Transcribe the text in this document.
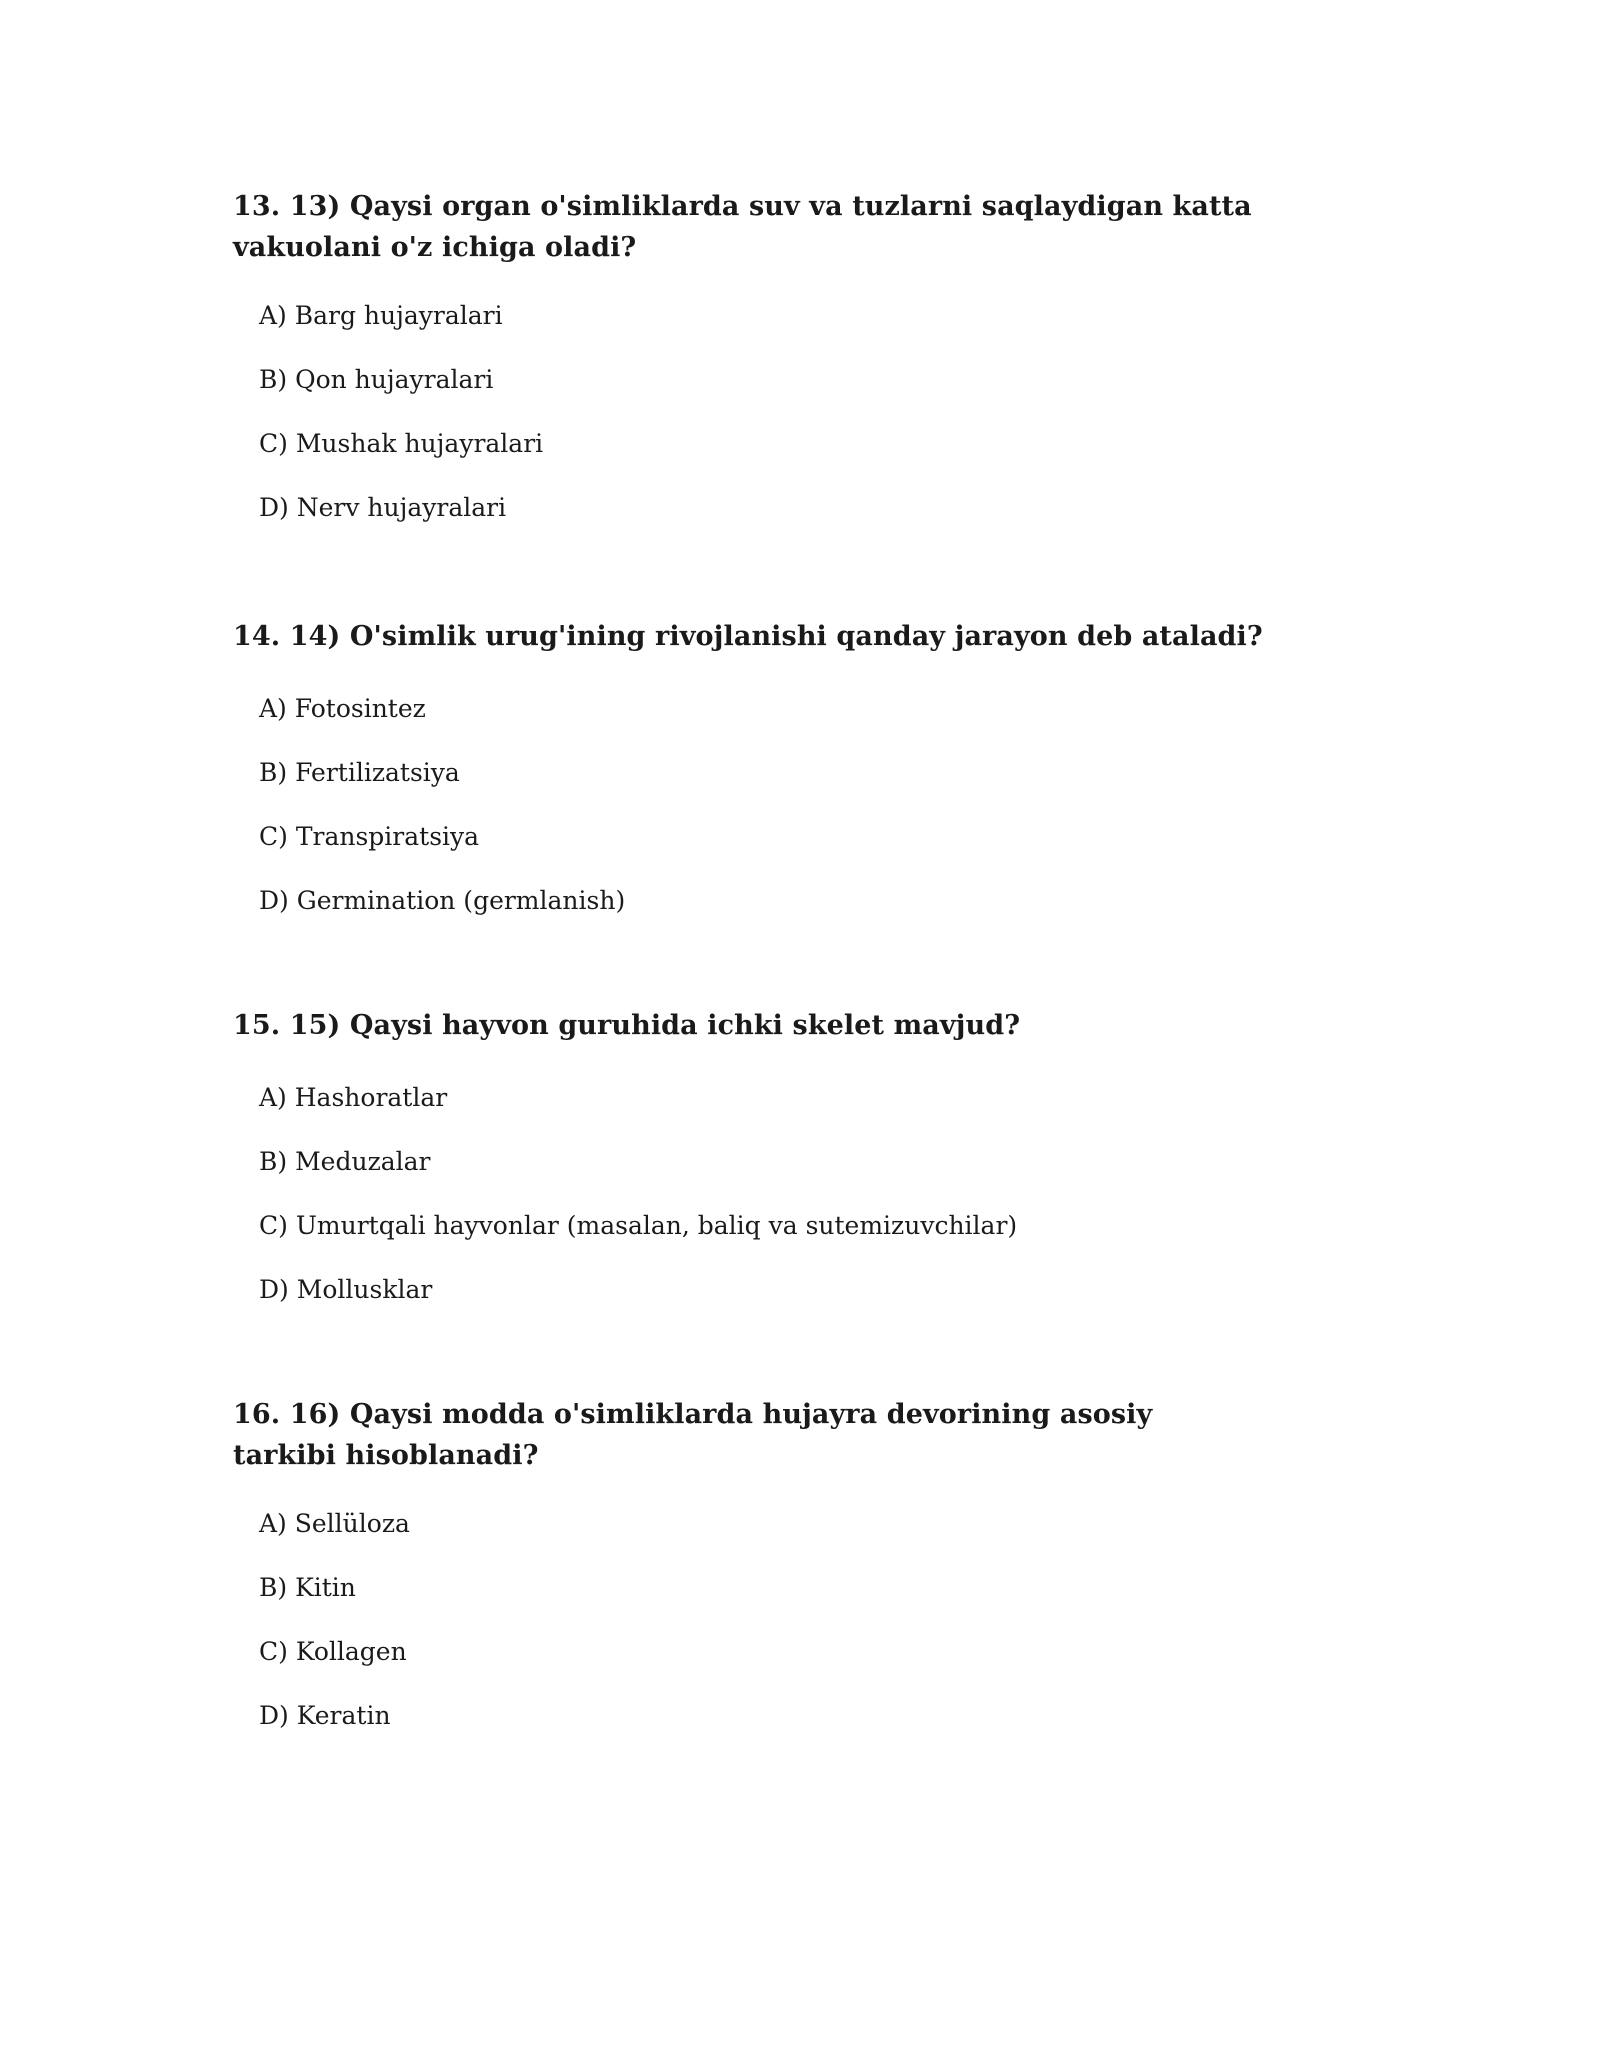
13. 13) Qaysi organ o'simliklarda suv va tuzlarni saqlaydigan katta vakuolani o'z ichiga oladi?

A) Barg hujayralari
B) Qon hujayralari
C) Mushak hujayralari
D) Nerv hujayralari

14. 14) O'simlik urug'ining rivojlanishi qanday jarayon deb ataladi?

A) Fotosintez
B) Fertilizatsiya
C) Transpiratsiya
D) Germination (germlanish)

15. 15) Qaysi hayvon guruhida ichki skelet mavjud?

A) Hashoratlar
B) Meduzalar
C) Umurtqali hayvonlar (masalan, baliq va sutemizuvchilar)
D) Mollusklar

16. 16) Qaysi modda o'simliklarda hujayra devorining asosiy tarkibi hisoblanadi?

A) Sellüloza
B) Kitin
C) Kollagen
D) Keratin
